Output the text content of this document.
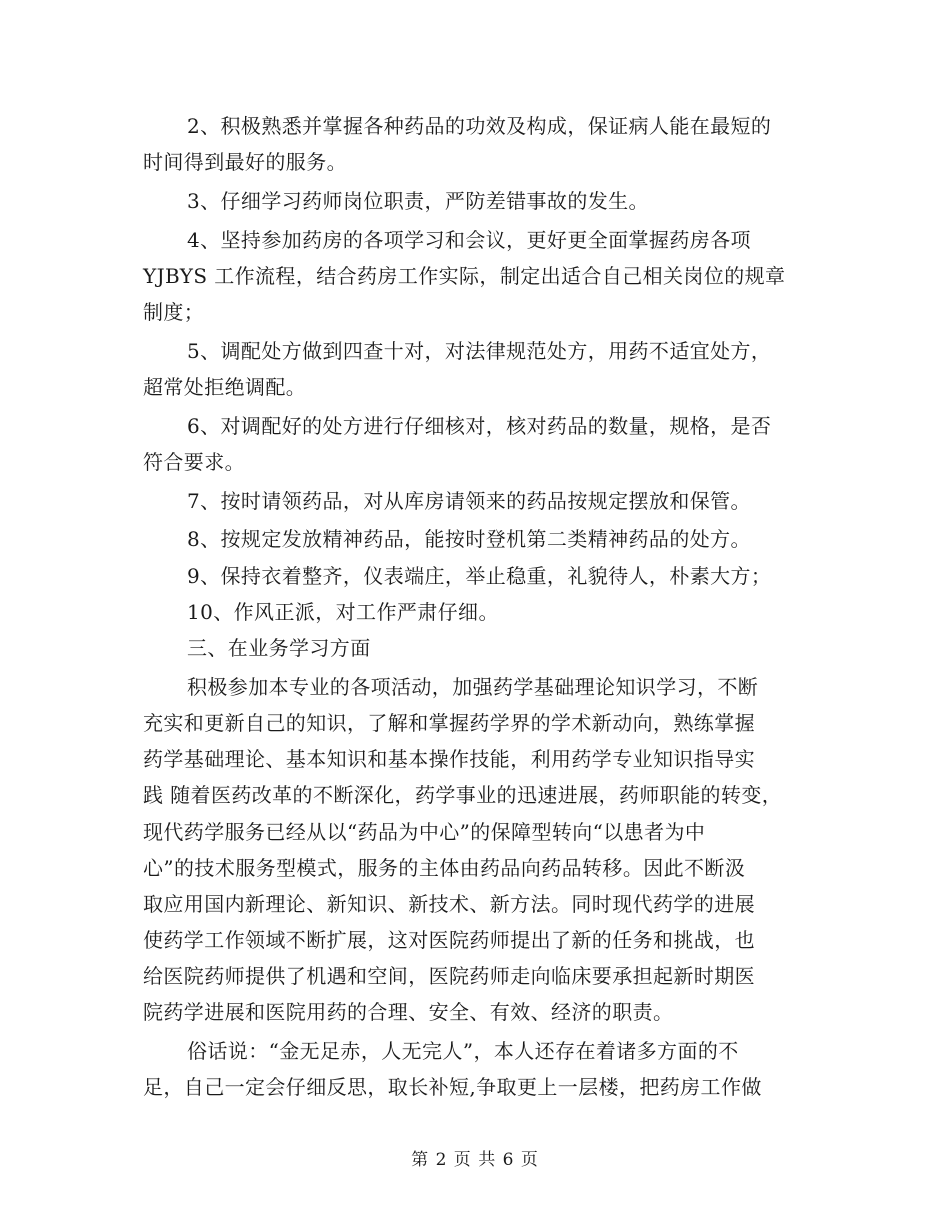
2、积极熟悉并掌握各种药品的功效及构成，保证病人能在最短的
时间得到最好的服务。
3、仔细学习药师岗位职责，严防差错事故的发生。
4、坚持参加药房的各项学习和会议，更好更全面掌握药房各项
YJBYS 工作流程，结合药房工作实际，制定出适合自己相关岗位的规章
制度；
5、调配处方做到四查十对，对法律规范处方，用药不适宜处方，
超常处拒绝调配。
6、对调配好的处方进行仔细核对，核对药品的数量，规格，是否
符合要求。
7、按时请领药品，对从库房请领来的药品按规定摆放和保管。
8、按规定发放精神药品，能按时登机第二类精神药品的处方。
9、保持衣着整齐，仪表端庄，举止稳重，礼貌待人，朴素大方；
10、作风正派，对工作严肃仔细。
三、在业务学习方面
积极参加本专业的各项活动，加强药学基础理论知识学习，不断
充实和更新自己的知识，了解和掌握药学界的学术新动向，熟练掌握
药学基础理论、基本知识和基本操作技能，利用药学专业知识指导实
践 随着医药改革的不断深化，药学事业的迅速进展，药师职能的转变，
现代药学服务已经从以“药品为中心”的保障型转向“以患者为中
心”的技术服务型模式，服务的主体由药品向药品转移。因此不断汲
取应用国内新理论、新知识、新技术、新方法。同时现代药学的进展
使药学工作领域不断扩展，这对医院药师提出了新的任务和挑战，也
给医院药师提供了机遇和空间，医院药师走向临床要承担起新时期医
院药学进展和医院用药的合理、安全、有效、经济的职责。
俗话说：“金无足赤，人无完人”，本人还存在着诸多方面的不
足，自己一定会仔细反思，取长补短,争取更上一层楼，把药房工作做
第 2 页 共 6 页
